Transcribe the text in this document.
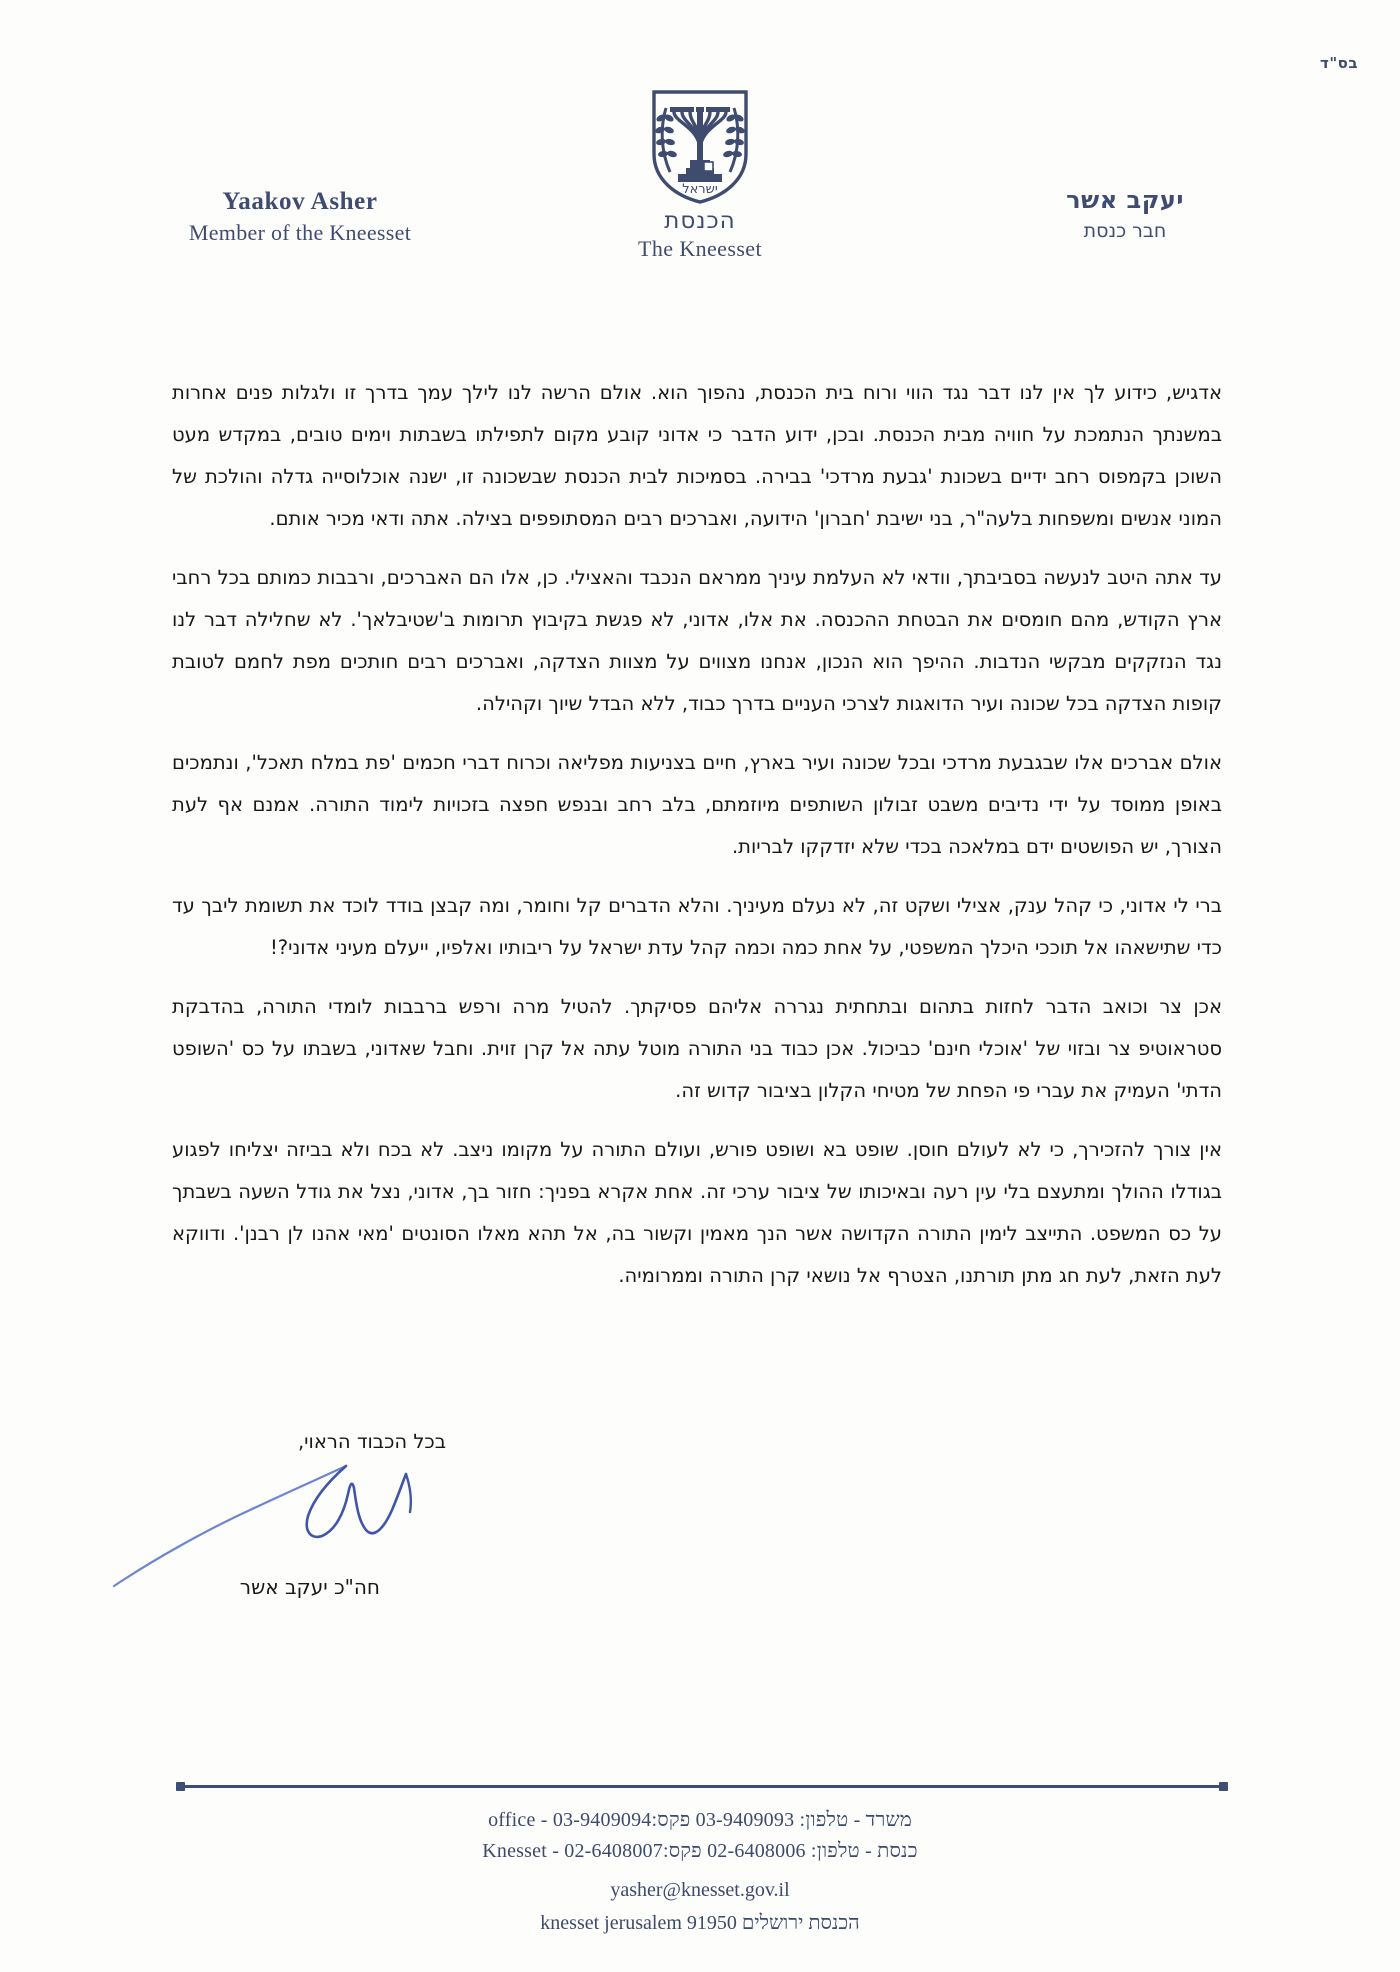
בס"ד
Yaakov Asher
Member of the Kneesset
ישראל
הכנסת
The Kneesset
יעקב אשר
חבר כנסת

אדגיש, כידוע לך אין לנו דבר נגד הווי ורוח בית הכנסת, נהפוך הוא. אולם הרשה לנו לילך עמך בדרך זו ולגלות פנים אחרות במשנתך הנתמכת על חוויה מבית הכנסת. ובכן, ידוע הדבר כי אדוני קובע מקום לתפילתו בשבתות וימים טובים, במקדש מעט השוכן בקמפוס רחב ידיים בשכונת 'גבעת מרדכי' בבירה. בסמיכות לבית הכנסת שבשכונה זו, ישנה אוכלוסייה גדלה והולכת של המוני אנשים ומשפחות בלעה"ר, בני ישיבת 'חברון' הידועה, ואברכים רבים המסתופפים בצילה. אתה ודאי מכיר אותם.

עד אתה היטב לנעשה בסביבתך, וודאי לא העלמת עיניך ממראם הנכבד והאצילי. כן, אלו הם האברכים, ורבבות כמותם בכל רחבי ארץ הקודש, מהם חומסים את הבטחת ההכנסה. את אלו, אדוני, לא פגשת בקיבוץ תרומות ב'שטיבלאך'. לא שחלילה דבר לנו נגד הנזקקים מבקשי הנדבות. ההיפך הוא הנכון, אנחנו מצווים על מצוות הצדקה, ואברכים רבים חותכים מפת לחמם לטובת קופות הצדקה בכל שכונה ועיר הדואגות לצרכי העניים בדרך כבוד, ללא הבדל שיוך וקהילה.

אולם אברכים אלו שבגבעת מרדכי ובכל שכונה ועיר בארץ, חיים בצניעות מפליאה וכרוח דברי חכמים 'פת במלח תאכל', ונתמכים באופן ממוסד על ידי נדיבים משבט זבולון השותפים מיוזמתם, בלב רחב ובנפש חפצה בזכויות לימוד התורה. אמנם אף לעת הצורך, יש הפושטים ידם במלאכה בכדי שלא יזדקקו לבריות.

ברי לי אדוני, כי קהל ענק, אצילי ושקט זה, לא נעלם מעיניך. והלא הדברים קל וחומר, ומה קבצן בודד לוכד את תשומת ליבך עד כדי שתישאהו אל תוככי היכלך המשפטי, על אחת כמה וכמה קהל עדת ישראל על ריבותיו ואלפיו, ייעלם מעיני אדוני?!

אכן צר וכואב הדבר לחזות בתהום ובתחתית נגררה אליהם פסיקתך. להטיל מרה ורפש ברבבות לומדי התורה, בהדבקת סטראוטיפ צר ובזוי של 'אוכלי חינם' כביכול. אכן כבוד בני התורה מוטל עתה אל קרן זוית. וחבל שאדוני, בשבתו על כס 'השופט הדתי' העמיק את עברי פי הפחת של מטיחי הקלון בציבור קדוש זה.

אין צורך להזכירך, כי לא לעולם חוסן. שופט בא ושופט פורש, ועולם התורה על מקומו ניצב. לא בכח ולא בביזה יצליחו לפגוע בגודלו ההולך ומתעצם בלי עין רעה ובאיכותו של ציבור ערכי זה. אחת אקרא בפניך: חזור בך, אדוני, נצל את גודל השעה בשבתך על כס המשפט. התייצב לימין התורה הקדושה אשר הנך מאמין וקשור בה, אל תהא מאלו הסונטים 'מאי אהנו לן רבנן'. ודווקא לעת הזאת, לעת חג מתן תורתנו, הצטרף אל נושאי קרן התורה וממרומיה.

בכל הכבוד הראוי,
חה"כ יעקב אשר
משרד - טלפון: 03-9409093 פקס:03-9409094 - office
כנסת - טלפון: 02-6408006 פקס:02-6408007 - Knesset
yasher@knesset.gov.il
הכנסת ירושלים 91950 knesset jerusalem
